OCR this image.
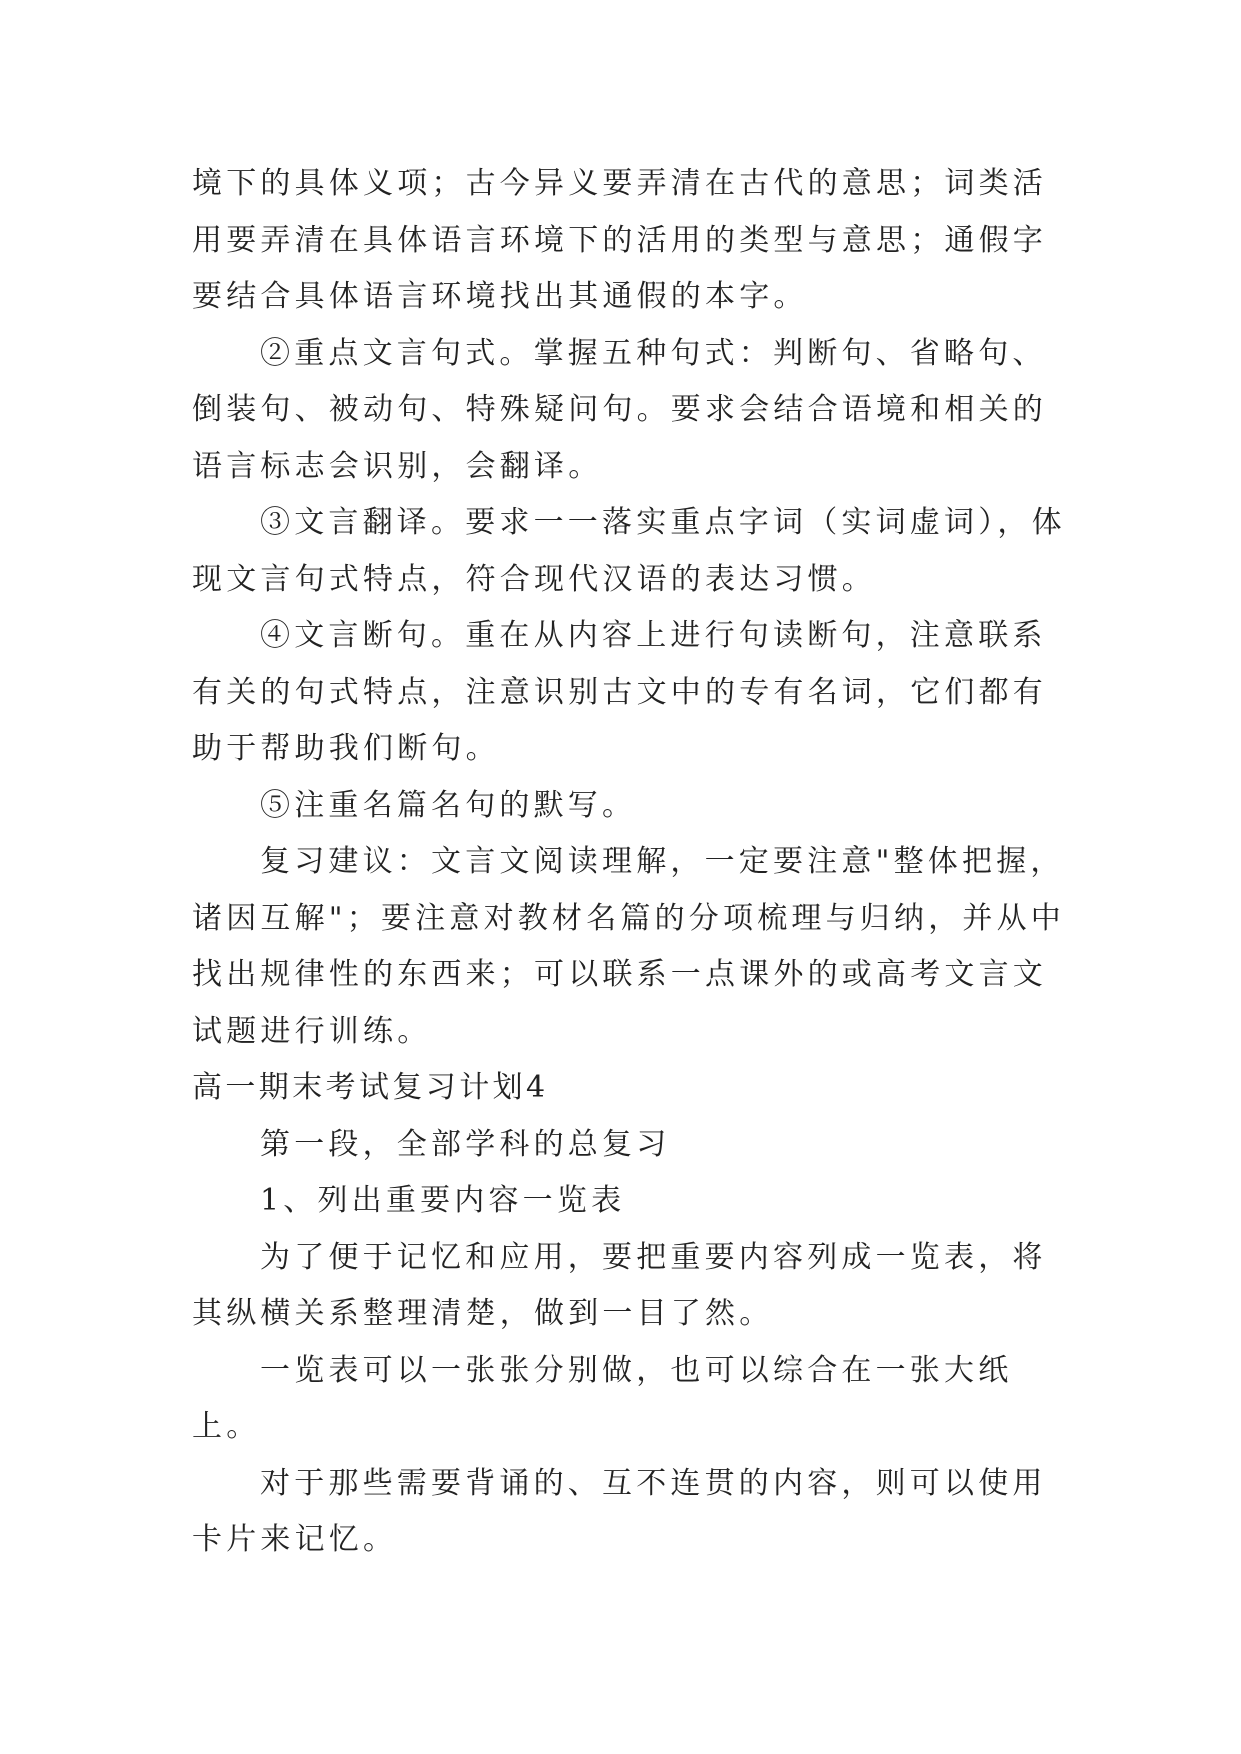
境下的具体义项；古今异义要弄清在古代的意思；词类活用要弄清在具体语言环境下的活用的类型与意思；通假字要结合具体语言环境找出其通假的本字。

②重点文言句式。掌握五种句式：判断句、省略句、倒装句、被动句、特殊疑问句。要求会结合语境和相关的语言标志会识别，会翻译。

③文言翻译。要求一一落实重点字词（实词虚词），体现文言句式特点，符合现代汉语的表达习惯。

④文言断句。重在从内容上进行句读断句，注意联系有关的句式特点，注意识别古文中的专有名词，它们都有助于帮助我们断句。

⑤注重名篇名句的默写。

复习建议：文言文阅读理解，一定要注意"整体把握，诸因互解"；要注意对教材名篇的分项梳理与归纳，并从中找出规律性的东西来；可以联系一点课外的或高考文言文试题进行训练。

高一期末考试复习计划4

第一段，全部学科的总复习

1、列出重要内容一览表

为了便于记忆和应用，要把重要内容列成一览表，将其纵横关系整理清楚，做到一目了然。

一览表可以一张张分别做，也可以综合在一张大纸上。

对于那些需要背诵的、互不连贯的内容，则可以使用卡片来记忆。
